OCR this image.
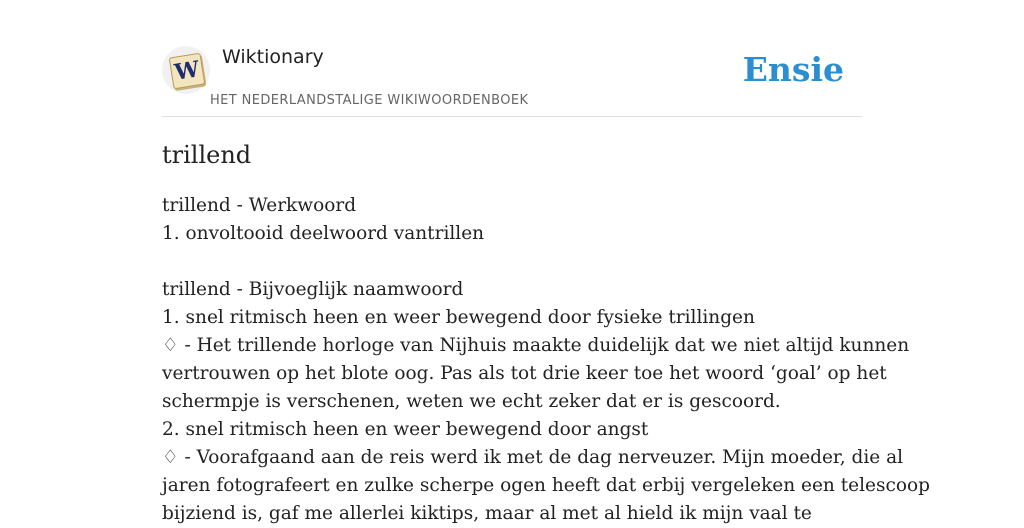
W Wiktionary
HET NEDERLANDSTALIGE WIKIWOORDENBOEK
Ensie
trillend
trillend - Werkwoord
1. onvoltooid deelwoord vantrillen
trillend - Bijvoeglijk naamwoord
1. snel ritmisch heen en weer bewegend door fysieke trillingen
♢ - Het trillende horloge van Nijhuis maakte duidelijk dat we niet altijd kunnen
vertrouwen op het blote oog. Pas als tot drie keer toe het woord ‘goal’ op het
schermpje is verschenen, weten we echt zeker dat er is gescoord.
2. snel ritmisch heen en weer bewegend door angst
♢ - Voorafgaand aan de reis werd ik met de dag nerveuzer. Mijn moeder, die al
jaren fotografeert en zulke scherpe ogen heeft dat erbij vergeleken een telescoop
bijziend is, gaf me allerlei kiktips, maar al met al hield ik mijn vaal te
